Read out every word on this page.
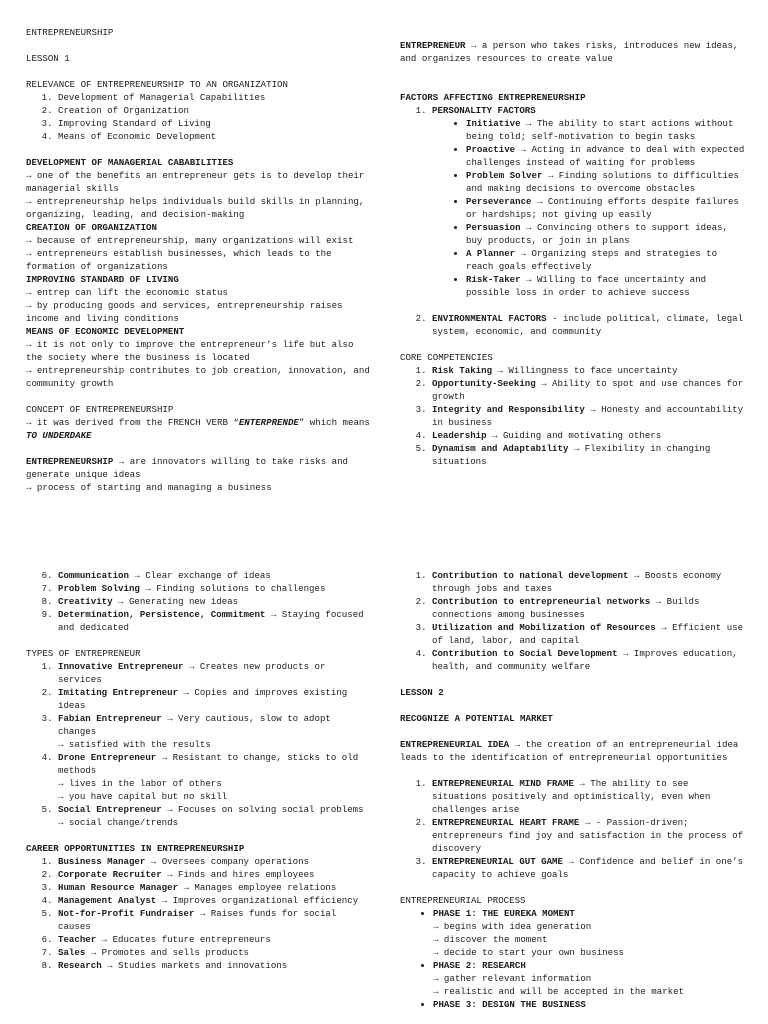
ENTREPRENEURSHIP

LESSON 1

RELEVANCE OF ENTREPRENEURSHIP TO AN ORGANIZATION

1. Development of Managerial Capabilities
2. Creation of Organization
3. Improving Standard of Living
4. Means of Economic Development

DEVELOPMENT OF MANAGERIAL CABABILITIES

→ one of the benefits an entrepreneur gets is to develop their managerial skills

→ entrepreneurship helps individuals build skills in planning, organizing, leading, and decision-making

CREATION OF ORGANIZATION

→ because of entrepreneurship, many organizations will exist

→ entrepreneurs establish businesses, which leads to the formation of organizations

IMPROVING STANDARD OF LIVING

→ entrep can lift the economic status

→ by producing goods and services, entrepreneurship raises income and living conditions

MEANS OF ECONOMIC DEVELOPMENT

→ it is not only to improve the entrepreneur’s life but also the society where the business is located

→ entrepreneurship contributes to job creation, innovation, and community growth

CONCEPT OF ENTREPRENEURSHIP

→ it was derived from the FRENCH VERB “ENTERPRENDE” which means TO UNDERDAKE

ENTREPRENEURSHIP → are innovators willing to take risks and generate unique ideas

→ process of starting and managing a business

ENTREPRENEUR → a person who takes risks, introduces new ideas, and organizes resources to create value

FACTORS AFFECTING ENTREPRENEURSHIP

1. PERSONALITY FACTORS
• Initiative → The ability to start actions without being told; self-motivation to begin tasks
• Proactive → Acting in advance to deal with expected challenges instead of waiting for problems
• Problem Solver → Finding solutions to difficulties and making decisions to overcome obstacles
• Perseverance → Continuing efforts despite failures or hardships; not giving up easily
• Persuasion → Convincing others to support ideas, buy products, or join in plans
• A Planner → Organizing steps and strategies to reach goals effectively
• Risk-Taker → Willing to face uncertainty and possible loss in order to achieve success
2. ENVIRONMENTAL FACTORS - include political, climate, legal system, economic, and community

CORE COMPETENCIES

1. Risk Taking → Willingness to face uncertainty
2. Opportunity-Seeking → Ability to spot and use chances for growth
3. Integrity and Responsibility → Honesty and accountability in business
4. Leadership → Guiding and motivating others
5. Dynamism and Adaptability → Flexibility in changing situations
6. Communication → Clear exchange of ideas
7. Problem Solving → Finding solutions to challenges
8. Creativity → Generating new ideas
9. Determination, Persistence, Commitment → Staying focused and dedicated

TYPES OF ENTREPRENEUR

1. Innovative Entrepreneur → Creates new products or services
2. Imitating Entrepreneur → Copies and improves existing ideas
3. Fabian Entrepreneur → Very cautious, slow to adopt changes
→ satisfied with the results
4. Drone Entrepreneur → Resistant to change, sticks to old methods
→ lives in the labor of others
→ you have capital but no skill
5. Social Entrepreneur → Focuses on solving social problems
→ social change/trends

CAREER OPPORTUNITIES IN ENTREPRENEURSHIP

1. Business Manager → Oversees company operations
2. Corporate Recruiter → Finds and hires employees
3. Human Resource Manager → Manages employee relations
4. Management Analyst → Improves organizational efficiency
5. Not-for-Profit Fundraiser → Raises funds for social causes
6. Teacher → Educates future entrepreneurs
7. Sales → Promotes and sells products
8. Research → Studies markets and innovations
1. Contribution to national development → Boosts economy through jobs and taxes
2. Contribution to entrepreneurial networks → Builds connections among businesses
3. Utilization and Mobilization of Resources → Efficient use of land, labor, and capital
4. Contribution to Social Development → Improves education, health, and community welfare

LESSON 2

RECOGNIZE A POTENTIAL MARKET

ENTREPRENEURIAL IDEA → the creation of an entrepreneurial idea leads to the identification of entrepreneurial opportunities

1. ENTREPRENEURIAL MIND FRAME → The ability to see situations positively and optimistically, even when challenges arise
2. ENTREPRENEURIAL HEART FRAME → - Passion-driven; entrepreneurs find joy and satisfaction in the process of discovery
3. ENTREPRENEURIAL GUT GAME → Confidence and belief in one’s capacity to achieve goals

ENTREPRENEURIAL PROCESS

• PHASE 1: THE EUREKA MOMENT
→ begins with idea generation
→ discover the moment
→ decide to start your own business
• PHASE 2: RESEARCH
→ gather relevant information
→ realistic and will be accepted in the market
• PHASE 3: DESIGN THE BUSINESS
